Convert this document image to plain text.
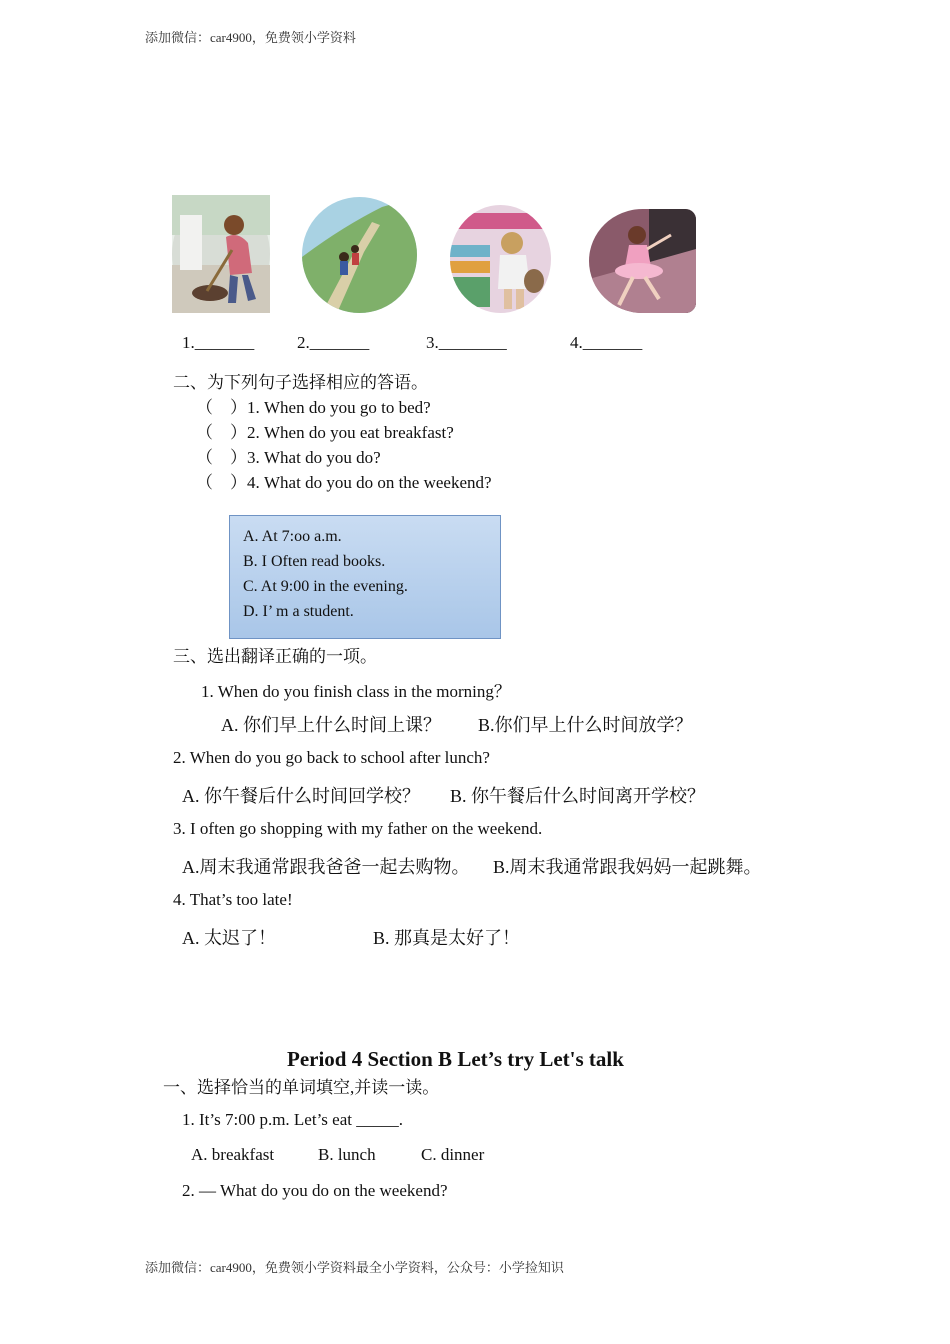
添加微信：car4900，免费领小学资料
1._______	2._______	3.________	4._______
二、为下列句子选择相应的答语。
（　）1. When do you go to bed?
（　）2. When do you eat breakfast?
（　）3. What do you do?
（　）4. What do you do on the weekend?
A. At 7:oo a.m.
B. I Often read books.
C. At 9:00 in the evening.
D. I’ m a student.
三、选出翻译正确的一项。
1. When do you finish class in the morning？
A. 你们早上什么时间上课？ B.你们早上什么时间放学？
2. When do you go back to school after lunch?
A. 你午餐后什么时间回学校？ B. 你午餐后什么时间离开学校？
3. I often go shopping with my father on the weekend.
A.周末我通常跟我爸爸一起去购物。 B.周末我通常跟我妈妈一起跳舞。
4. That’s too late!
A. 太迟了！	B. 那真是太好了！
Period 4 Section B Let’s try Let's talk
一、选择恰当的单词填空,并读一读。
1. It’s 7:00 p.m. Let’s eat _____.
A. breakfast	B. lunch	C. dinner
2. — What do you do on the weekend?
添加微信：car4900，免费领小学资料最全小学资料，公众号：小学捡知识
